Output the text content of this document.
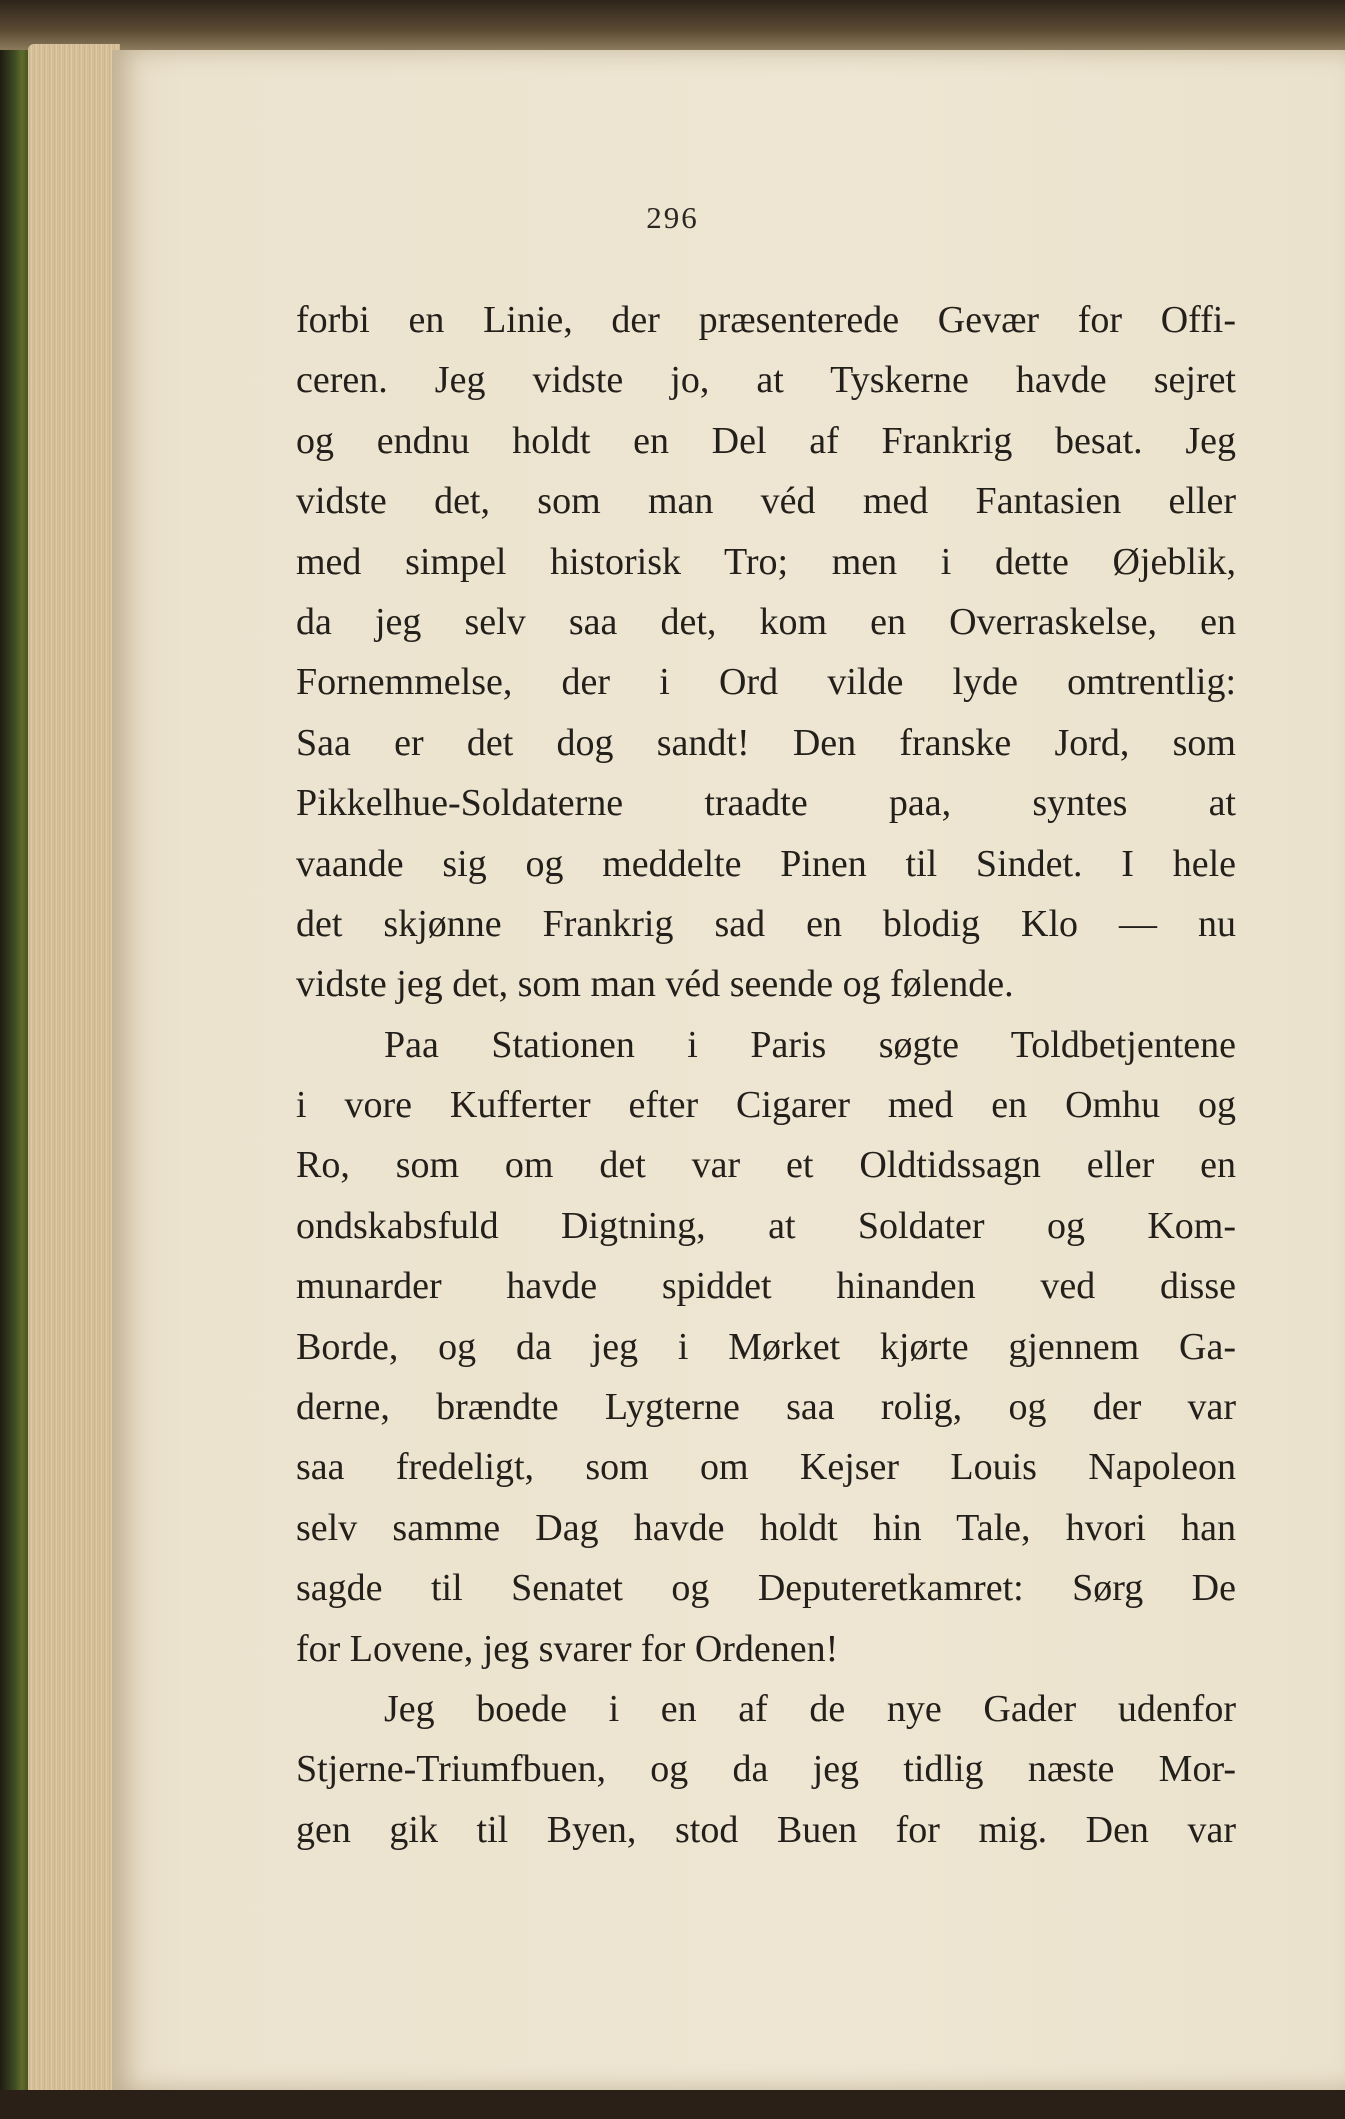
296
forbi en Linie, der præsenterede Gevær for Offi-
ceren. Jeg vidste jo, at Tyskerne havde sejret
og endnu holdt en Del af Frankrig besat. Jeg
vidste det, som man véd med Fantasien eller
med simpel historisk Tro; men i dette Øjeblik,
da jeg selv saa det, kom en Overraskelse, en
Fornemmelse, der i Ord vilde lyde omtrentlig:
Saa er det dog sandt! Den franske Jord, som
Pikkelhue-Soldaterne traadte paa, syntes at
vaande sig og meddelte Pinen til Sindet. I hele
det skjønne Frankrig sad en blodig Klo — nu
vidste jeg det, som man véd seende og følende.
Paa Stationen i Paris søgte Toldbetjentene
i vore Kufferter efter Cigarer med en Omhu og
Ro, som om det var et Oldtidssagn eller en
ondskabsfuld Digtning, at Soldater og Kom-
munarder havde spiddet hinanden ved disse
Borde, og da jeg i Mørket kjørte gjennem Ga-
derne, brændte Lygterne saa rolig, og der var
saa fredeligt, som om Kejser Louis Napoleon
selv samme Dag havde holdt hin Tale, hvori han
sagde til Senatet og Deputeretkamret: Sørg De
for Lovene, jeg svarer for Ordenen!
Jeg boede i en af de nye Gader udenfor
Stjerne-Triumfbuen, og da jeg tidlig næste Mor-
gen gik til Byen, stod Buen for mig. Den var
